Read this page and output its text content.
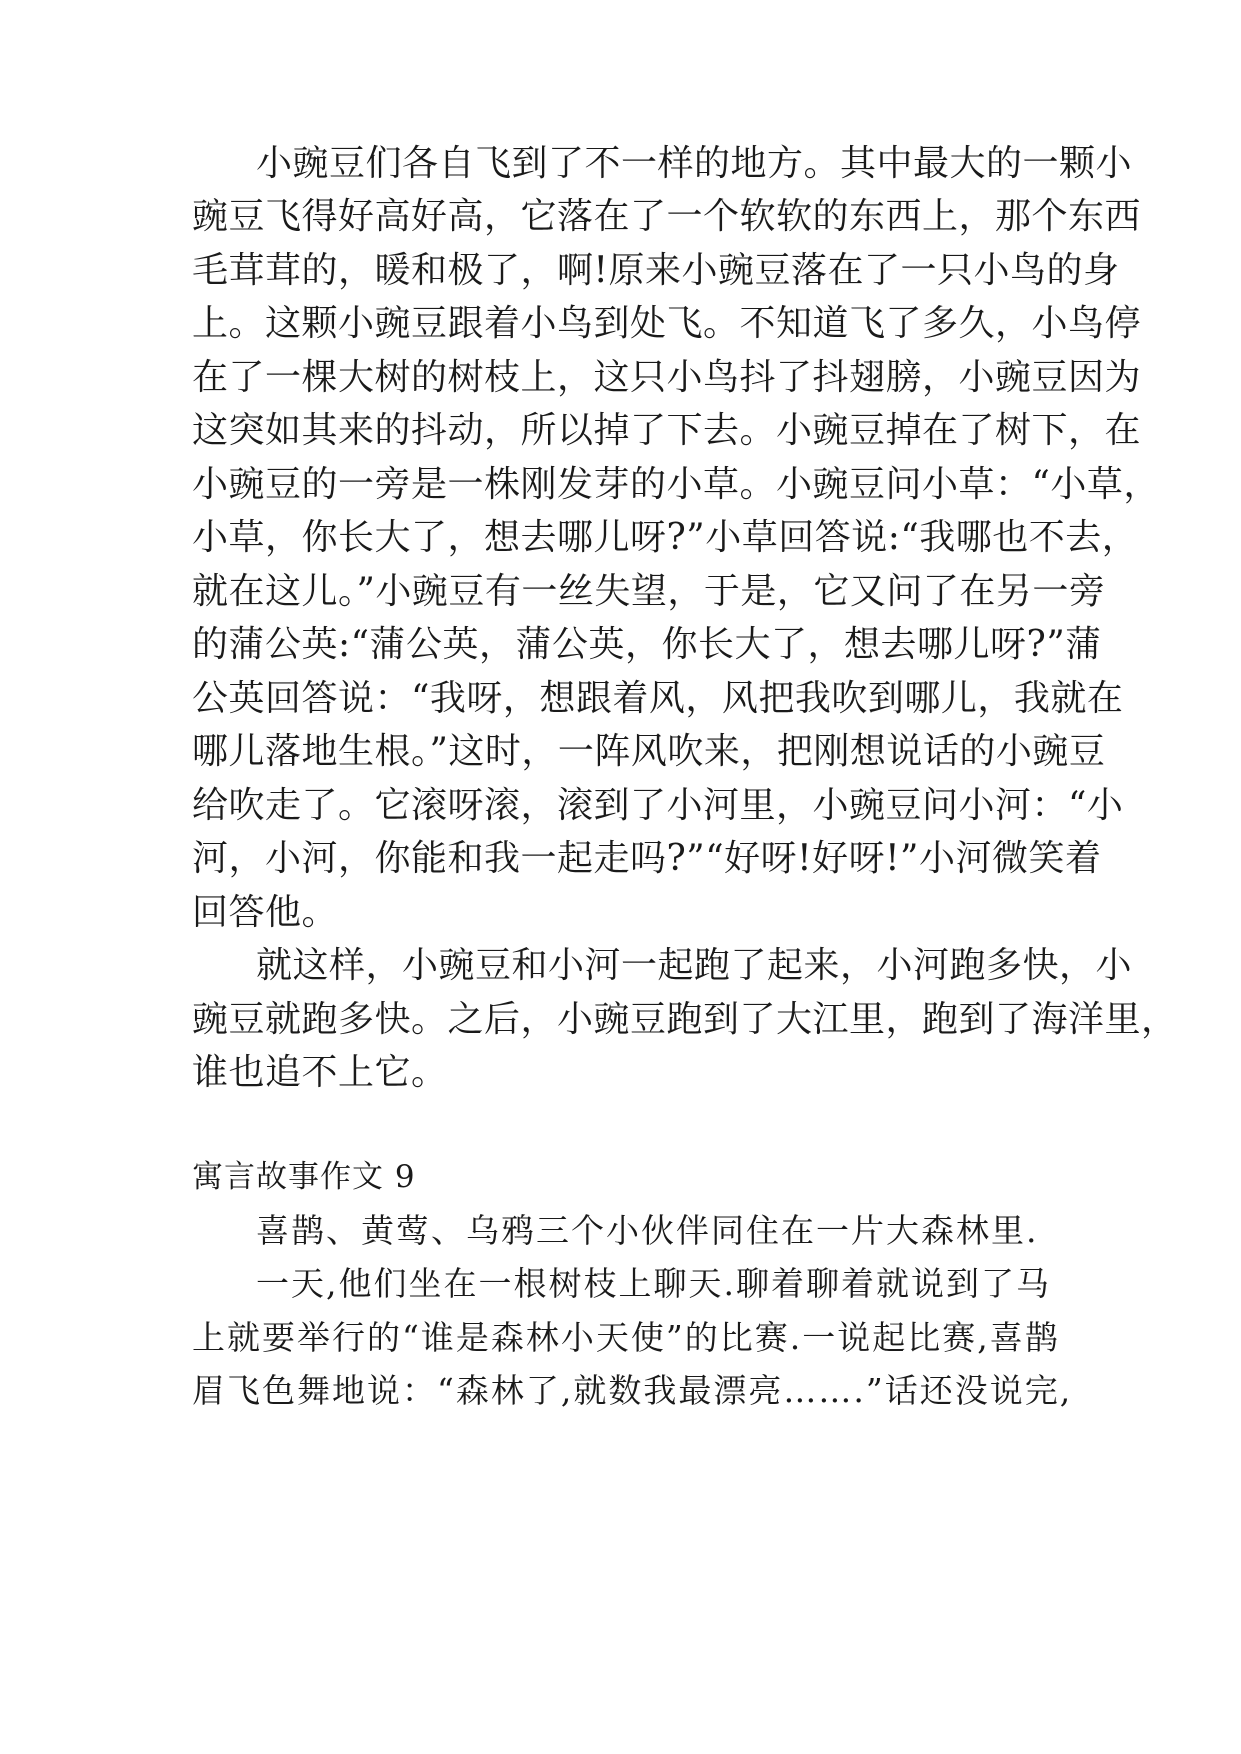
小豌豆们各自飞到了不一样的地方。其中最大的一颗小
豌豆飞得好高好高，它落在了一个软软的东西上，那个东西
毛茸茸的，暖和极了，啊!原来小豌豆落在了一只小鸟的身
上。这颗小豌豆跟着小鸟到处飞。不知道飞了多久，小鸟停
在了一棵大树的树枝上，这只小鸟抖了抖翅膀，小豌豆因为
这突如其来的抖动，所以掉了下去。小豌豆掉在了树下，在
小豌豆的一旁是一株刚发芽的小草。小豌豆问小草：“小草，
小草，你长大了，想去哪儿呀?”小草回答说:“我哪也不去，
就在这儿。”小豌豆有一丝失望，于是，它又问了在另一旁
的蒲公英:“蒲公英，蒲公英，你长大了，想去哪儿呀?”蒲
公英回答说：“我呀，想跟着风，风把我吹到哪儿，我就在
哪儿落地生根。”这时，一阵风吹来，把刚想说话的小豌豆
给吹走了。它滚呀滚，滚到了小河里，小豌豆问小河：“小
河，小河，你能和我一起走吗?”“好呀!好呀!”小河微笑着
回答他。
就这样，小豌豆和小河一起跑了起来，小河跑多快，小
豌豆就跑多快。之后，小豌豆跑到了大江里，跑到了海洋里，
谁也追不上它。
寓言故事作文 9
喜鹊、黄莺、乌鸦三个小伙伴同住在一片大森林里.
一天,他们坐在一根树枝上聊天.聊着聊着就说到了马
上就要举行的“谁是森林小天使”的比赛.一说起比赛,喜鹊
眉飞色舞地说：“森林了,就数我最漂亮…….”话还没说完,
